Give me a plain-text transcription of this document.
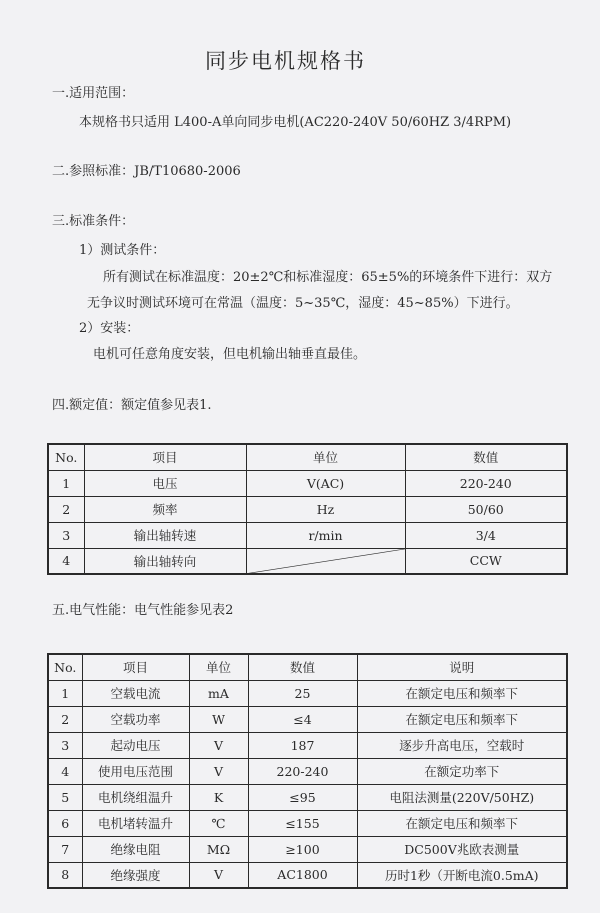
同步电机规格书
一.适用范围：
本规格书只适用 L400-A单向同步电机(AC220-240V 50/60HZ 3/4RPM)
二.参照标准：JB/T10680-2006
三.标准条件：
1）测试条件：
所有测试在标准温度：20±2℃和标准湿度：65±5%的环境条件下进行：双方
无争议时测试环境可在常温（温度：5~35℃，湿度：45~85%）下进行。
2）安装：
电机可任意角度安装，但电机输出轴垂直最佳。
四.额定值：额定值参见表1.
No.	项目	单位	数值
1	电压	V(AC)	220-240
2	频率	Hz	50/60
3	输出轴转速	r/min	3/4
4	输出轴转向		CCW
五.电气性能：电气性能参见表2
No.	项目	单位	数值	说明
1	空载电流	mA	25	在额定电压和频率下
2	空载功率	W	≤4	在额定电压和频率下
3	起动电压	V	187	逐步升高电压，空载时
4	使用电压范围	V	220-240	在额定功率下
5	电机绕组温升	K	≤95	电阻法测量(220V/50HZ)
6	电机堵转温升	℃	≤155	在额定电压和频率下
7	绝缘电阻	MΩ	≥100	DC500V兆欧表测量
8	绝缘强度	V	AC1800	历时1秒（开断电流0.5mA)
